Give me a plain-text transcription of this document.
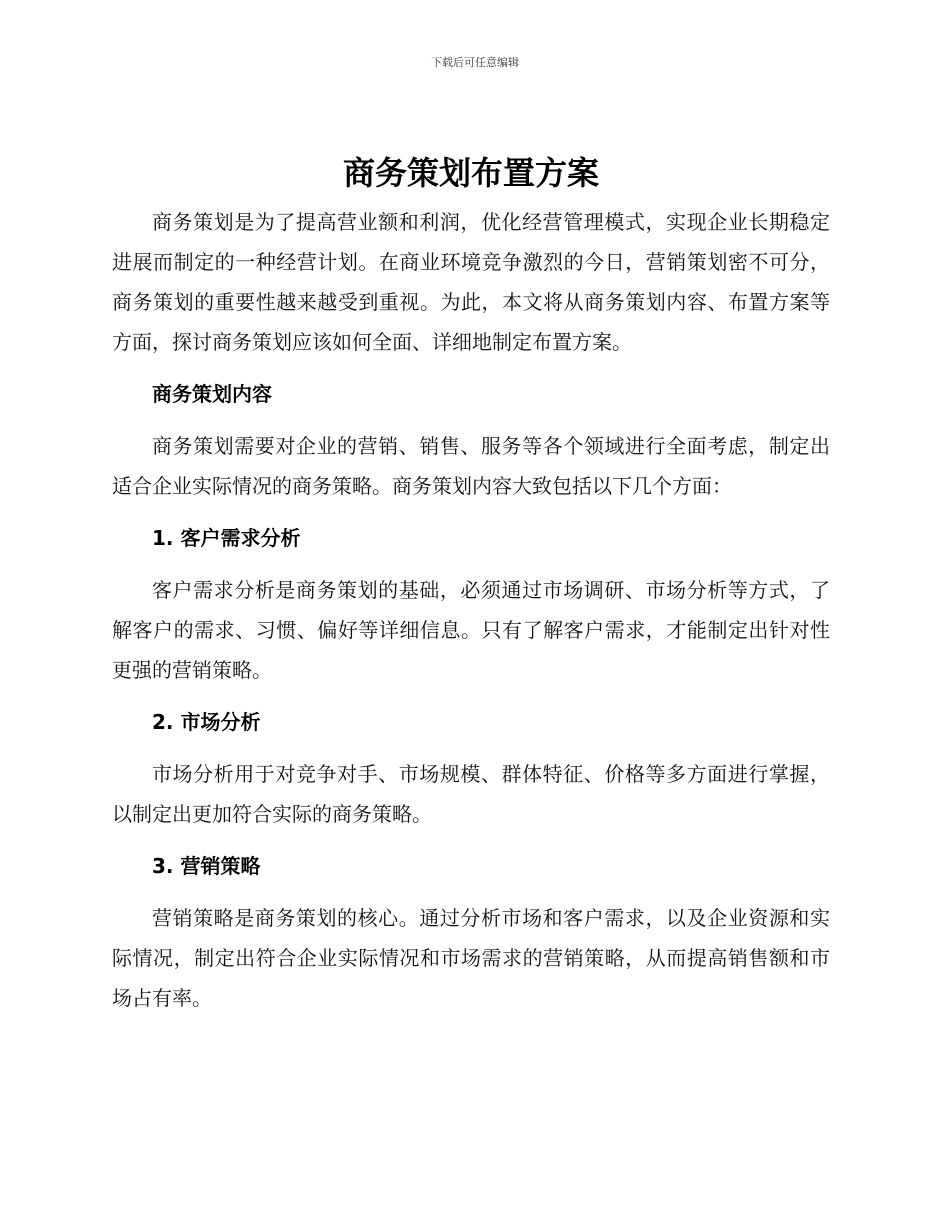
下载后可任意编辑
商务策划布置方案

商务策划是为了提高营业额和利润，优化经营管理模式，实现企业长期稳定进展而制定的一种经营计划。在商业环境竞争激烈的今日，营销策划密不可分，商务策划的重要性越来越受到重视。为此，本文将从商务策划内容、布置方案等方面，探讨商务策划应该如何全面、详细地制定布置方案。

商务策划内容

商务策划需要对企业的营销、销售、服务等各个领域进行全面考虑，制定出适合企业实际情况的商务策略。商务策划内容大致包括以下几个方面：

1. 客户需求分析

客户需求分析是商务策划的基础，必须通过市场调研、市场分析等方式，了解客户的需求、习惯、偏好等详细信息。只有了解客户需求，才能制定出针对性更强的营销策略。

2. 市场分析

市场分析用于对竞争对手、市场规模、群体特征、价格等多方面进行掌握，以制定出更加符合实际的商务策略。

3. 营销策略

营销策略是商务策划的核心。通过分析市场和客户需求，以及企业资源和实际情况，制定出符合企业实际情况和市场需求的营销策略，从而提高销售额和市场占有率。
